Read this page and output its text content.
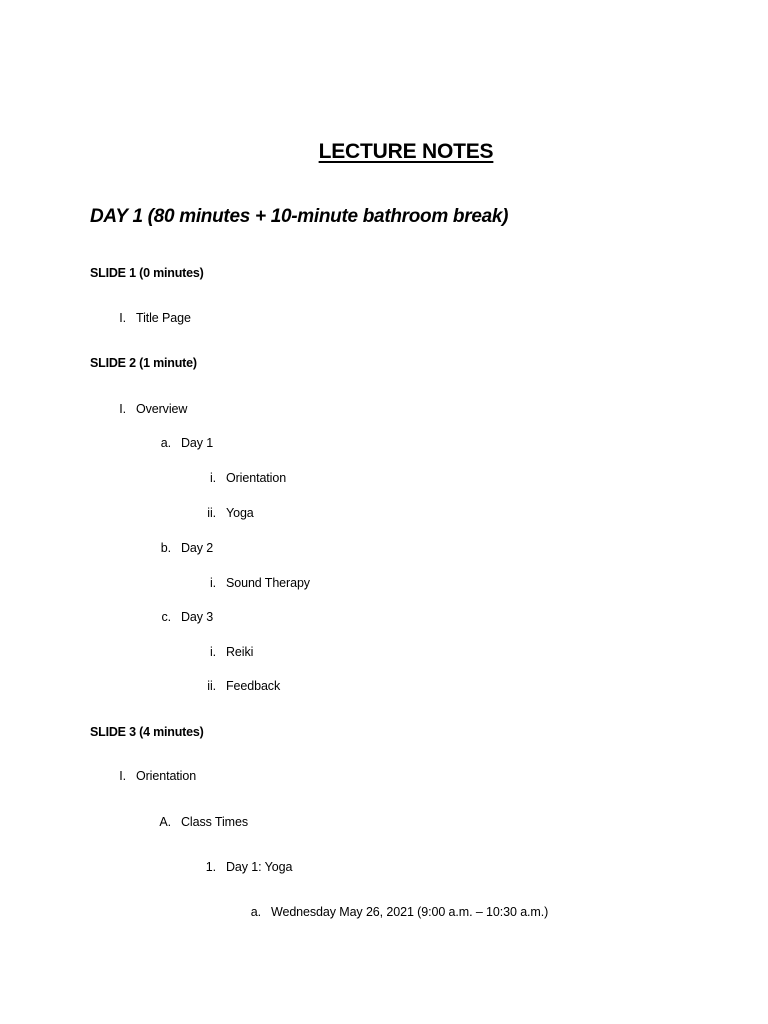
LECTURE NOTES
DAY 1 (80 minutes + 10-minute bathroom break)
SLIDE 1 (0 minutes)
I. Title Page
SLIDE 2 (1 minute)
I. Overview
a. Day 1
i. Orientation
ii. Yoga
b. Day 2
i. Sound Therapy
c. Day 3
i. Reiki
ii. Feedback
SLIDE 3 (4 minutes)
I. Orientation
A. Class Times
1. Day 1: Yoga
a. Wednesday May 26, 2021 (9:00 a.m. – 10:30 a.m.)
